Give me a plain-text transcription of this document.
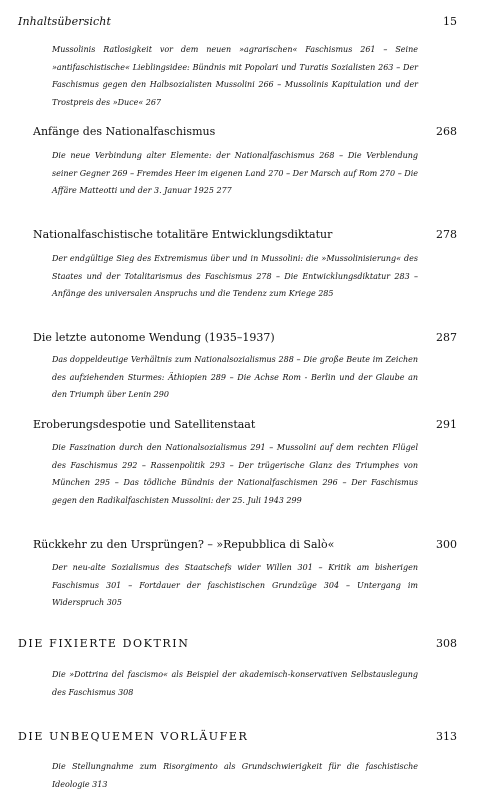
Inhaltsübersicht	15

Mussolinis Ratlosigkeit vor dem neuen »agrarischen« Faschismus 261 – Seine »antifaschistische« Lieblingsidee: Bündnis mit Popolari und Turatis Sozialisten 263 – Der Faschismus gegen den Halbsozialisten Mussolini 266 – Mussolinis Kapitulation und der Trostpreis des »Duce« 267

Anfänge des Nationalfaschismus	268

Die neue Verbindung alter Elemente: der Nationalfaschismus 268 – Die Verblendung seiner Gegner 269 – Fremdes Heer im eigenen Land 270 – Der Marsch auf Rom 270 – Die Affäre Matteotti und der 3. Januar 1925 277

Nationalfaschistische totalitäre Entwicklungsdiktatur	278

Der endgültige Sieg des Extremismus über und in Mussolini: die »Mussolinisierung« des Staates und der Totalitarismus des Faschismus 278 – Die Entwicklungsdiktatur 283 – Anfänge des universalen Anspruchs und die Tendenz zum Kriege 285

Die letzte autonome Wendung (1935–1937)	287

Das doppeldeutige Verhältnis zum Nationalsozialismus 288 – Die große Beute im Zeichen des aufziehenden Sturmes: Äthiopien 289 – Die Achse Rom - Berlin und der Glaube an den Triumph über Lenin 290

Eroberungsdespotie und Satellitenstaat	291

Die Faszination durch den Nationalsozialismus 291 – Mussolini auf dem rechten Flügel des Faschismus 292 – Rassenpolitik 293 – Der trügerische Glanz des Triumphes von München 295 – Das tödliche Bündnis der Nationalfaschismen 296 – Der Faschismus gegen den Radikalfaschisten Mussolini: der 25. Juli 1943 299

Rückkehr zu den Ursprüngen? – »Repubblica di Salò«	300

Der neu-alte Sozialismus des Staatschefs wider Willen 301 – Kritik am bisherigen Faschismus 301 – Fortdauer der faschistischen Grundzüge 304 – Untergang im Widerspruch 305

DIE FIXIERTE DOKTRIN	308

Die »Dottrina del fascismo« als Beispiel der akademisch-konservativen Selbstauslegung des Faschismus 308

DIE UNBEQUEMEN VORLÄUFER	313

Die Stellungnahme zum Risorgimento als Grundschwierigkeit für die faschistische Ideologie 313
